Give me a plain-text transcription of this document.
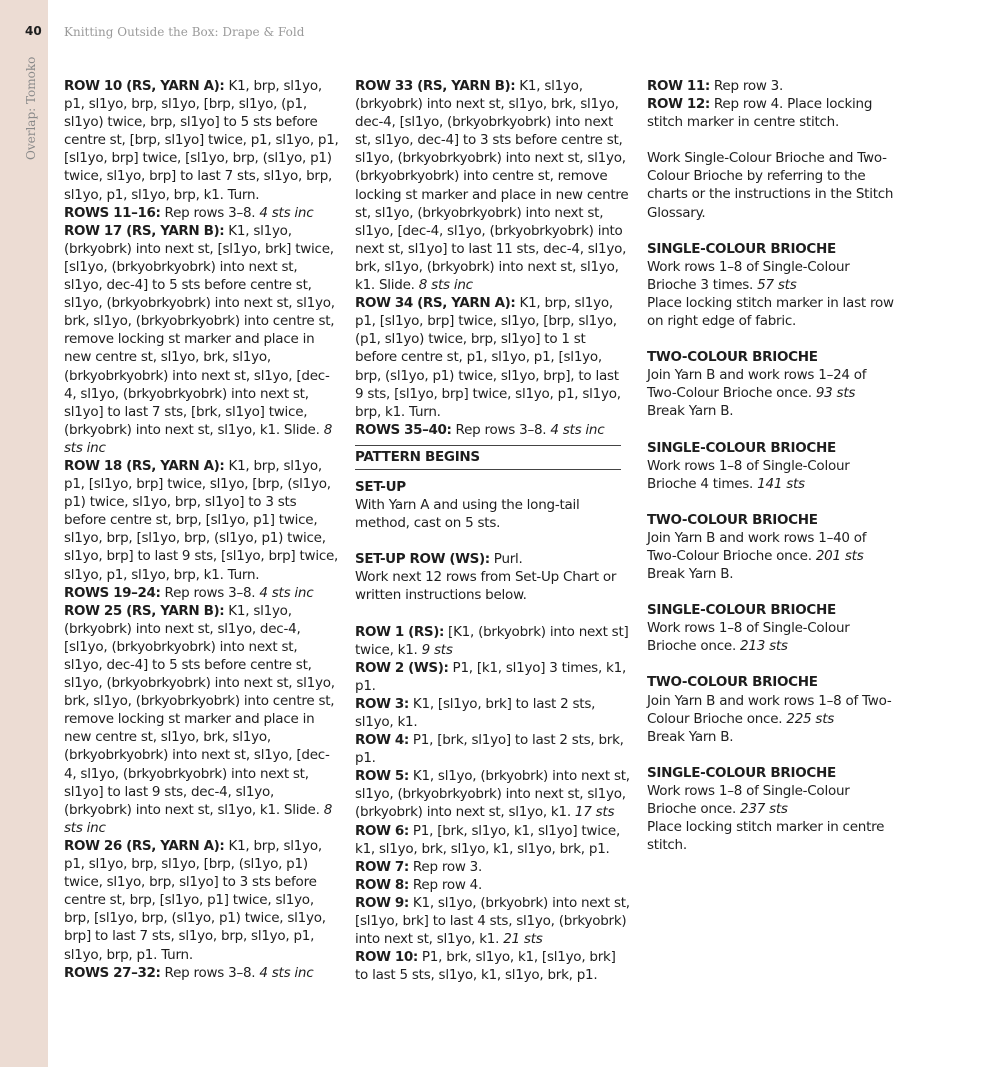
40 Knitting Outside the Box: Drape & Fold

ROW 10 (RS, YARN A): K1, brp, sl1yo, p1, sl1yo, brp, sl1yo, [brp, sl1yo, (p1, sl1yo) twice, brp, sl1yo] to 5 sts before centre st, [brp, sl1yo] twice, p1, sl1yo, p1, [sl1yo, brp] twice, [sl1yo, brp, (sl1yo, p1) twice, sl1yo, brp] to last 7 sts, sl1yo, brp, sl1yo, p1, sl1yo, brp, k1. Turn.

ROWS 11–16: Rep rows 3–8. 4 sts inc

ROW 17 (RS, YARN B): K1, sl1yo, (brkyobrk) into next st, [sl1yo, brk] twice, [sl1yo, (brkyobrkyobrk) into next st, sl1yo, dec-4] to 5 sts before centre st, sl1yo, (brkyobrkyobrk) into next st, sl1yo, brk, sl1yo, (brkyobrkyobrk) into centre st, remove locking st marker and place in new centre st, sl1yo, brk, sl1yo, (brkyobrkyobrk) into next st, sl1yo, [dec-4, sl1yo, (brkyobrkyobrk) into next st, sl1yo] to last 7 sts, [brk, sl1yo] twice, (brkyobrk) into next st, sl1yo, k1. Slide. 8 sts inc

ROW 18 (RS, YARN A): K1, brp, sl1yo, p1, [sl1yo, brp] twice, sl1yo, [brp, (sl1yo, p1) twice, sl1yo, brp, sl1yo] to 3 sts before centre st, brp, [sl1yo, p1] twice, sl1yo, brp, [sl1yo, brp, (sl1yo, p1) twice, sl1yo, brp] to last 9 sts, [sl1yo, brp] twice, sl1yo, p1, sl1yo, brp, k1. Turn.

ROWS 19–24: Rep rows 3–8. 4 sts inc

ROW 25 (RS, YARN B): K1, sl1yo, (brkyobrk) into next st, sl1yo, dec-4, [sl1yo, (brkyobrkyobrk) into next st, sl1yo, dec-4] to 5 sts before centre st, sl1yo, (brkyobrkyobrk) into next st, sl1yo, brk, sl1yo, (brkyobrkyobrk) into centre st, remove locking st marker and place in new centre st, sl1yo, brk, sl1yo, (brkyobrkyobrk) into next st, sl1yo, [dec-4, sl1yo, (brkyobrkyobrk) into next st, sl1yo] to last 9 sts, dec-4, sl1yo, (brkyobrk) into next st, sl1yo, k1. Slide. 8 sts inc

ROW 26 (RS, YARN A): K1, brp, sl1yo, p1, sl1yo, brp, sl1yo, [brp, (sl1yo, p1) twice, sl1yo, brp, sl1yo] to 3 sts before centre st, brp, [sl1yo, p1] twice, sl1yo, brp, [sl1yo, brp, (sl1yo, p1) twice, sl1yo, brp] to last 7 sts, sl1yo, brp, sl1yo, p1, sl1yo, brp, p1. Turn.

ROWS 27–32: Rep rows 3–8. 4 sts inc

ROW 33 (RS, YARN B): K1, sl1yo, (brkyobrk) into next st, sl1yo, brk, sl1yo, dec-4, [sl1yo, (brkyobrkyobrk) into next st, sl1yo, dec-4] to 3 sts before centre st, sl1yo, (brkyobrkyobrk) into next st, sl1yo, (brkyobrkyobrk) into centre st, remove locking st marker and place in new centre st, sl1yo, (brkyobrkyobrk) into next st, sl1yo, [dec-4, sl1yo, (brkyobrkyobrk) into next st, sl1yo] to last 11 sts, dec-4, sl1yo, brk, sl1yo, (brkyobrk) into next st, sl1yo, k1. Slide. 8 sts inc

ROW 34 (RS, YARN A): K1, brp, sl1yo, p1, [sl1yo, brp] twice, sl1yo, [brp, sl1yo, (p1, sl1yo) twice, brp, sl1yo] to 1 st before centre st, p1, sl1yo, p1, [sl1yo, brp, (sl1yo, p1) twice, sl1yo, brp], to last 9 sts, [sl1yo, brp] twice, sl1yo, p1, sl1yo, brp, k1. Turn.

ROWS 35–40: Rep rows 3–8. 4 sts inc

PATTERN BEGINS

SET-UP

With Yarn A and using the long-tail method, cast on 5 sts.

SET-UP ROW (WS): Purl.

Work next 12 rows from Set-Up Chart or written instructions below.

ROW 1 (RS): [K1, (brkyobrk) into next st] twice, k1. 9 sts

ROW 2 (WS): P1, [k1, sl1yo] 3 times, k1, p1.

ROW 3: K1, [sl1yo, brk] to last 2 sts, sl1yo, k1.

ROW 4: P1, [brk, sl1yo] to last 2 sts, brk, p1.

ROW 5: K1, sl1yo, (brkyobrk) into next st, sl1yo, (brkyobrkyobrk) into next st, sl1yo, (brkyobrk) into next st, sl1yo, k1. 17 sts

ROW 6: P1, [brk, sl1yo, k1, sl1yo] twice, k1, sl1yo, brk, sl1yo, k1, sl1yo, brk, p1.

ROW 7: Rep row 3.

ROW 8: Rep row 4.

ROW 9: K1, sl1yo, (brkyobrk) into next st, [sl1yo, brk] to last 4 sts, sl1yo, (brkyobrk) into next st, sl1yo, k1. 21 sts

ROW 10: P1, brk, sl1yo, k1, [sl1yo, brk] to last 5 sts, sl1yo, k1, sl1yo, brk, p1.

ROW 11: Rep row 3.

ROW 12: Rep row 4. Place locking stitch marker in centre stitch.

Work Single-Colour Brioche and Two-Colour Brioche by referring to the charts or the instructions in the Stitch Glossary.

SINGLE-COLOUR BRIOCHE

Work rows 1–8 of Single-Colour Brioche 3 times. 57 sts

Place locking stitch marker in last row on right edge of fabric.

TWO-COLOUR BRIOCHE

Join Yarn B and work rows 1–24 of Two-Colour Brioche once. 93 sts

Break Yarn B.

SINGLE-COLOUR BRIOCHE

Work rows 1–8 of Single-Colour Brioche 4 times. 141 sts

TWO-COLOUR BRIOCHE

Join Yarn B and work rows 1–40 of Two-Colour Brioche once. 201 sts

Break Yarn B.

SINGLE-COLOUR BRIOCHE

Work rows 1–8 of Single-Colour Brioche once. 213 sts

TWO-COLOUR BRIOCHE

Join Yarn B and work rows 1–8 of Two-Colour Brioche once. 225 sts

Break Yarn B.

SINGLE-COLOUR BRIOCHE

Work rows 1–8 of Single-Colour Brioche once. 237 sts

Place locking stitch marker in centre stitch.
